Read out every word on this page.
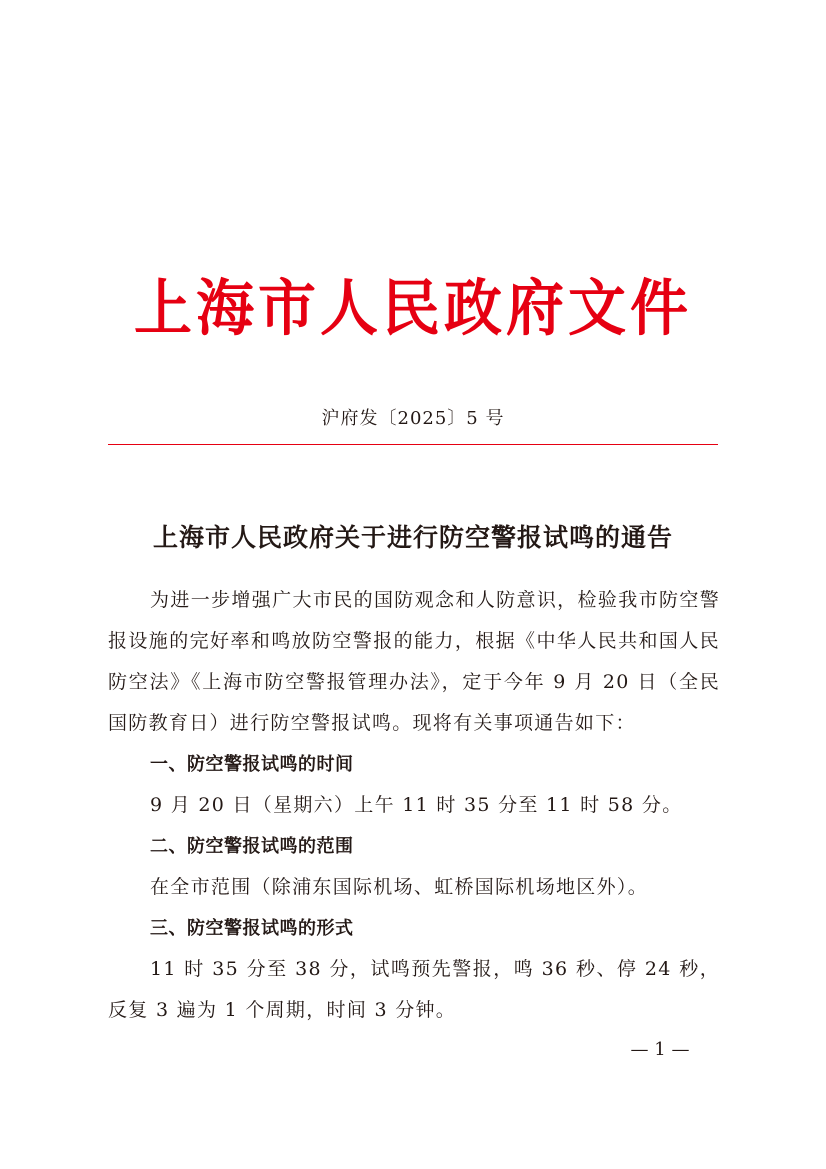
上海市人民政府文件
沪府发〔2025〕5 号
上海市人民政府关于进行防空警报试鸣的通告

为进一步增强广大市民的国防观念和人防意识，检验我市防空警报设施的完好率和鸣放防空警报的能力，根据《中华人民共和国人民防空法》《上海市防空警报管理办法》，定于今年 9 月 20 日（全民国防教育日）进行防空警报试鸣。现将有关事项通告如下：

一、防空警报试鸣的时间

9 月 20 日（星期六）上午 11 时 35 分至 11 时 58 分。

二、防空警报试鸣的范围

在全市范围（除浦东国际机场、虹桥国际机场地区外）。

三、防空警报试鸣的形式

11 时 35 分至 38 分，试鸣预先警报，鸣 36 秒、停 24 秒，反复 3 遍为 1 个周期，时间 3 分钟。

— 1 —
